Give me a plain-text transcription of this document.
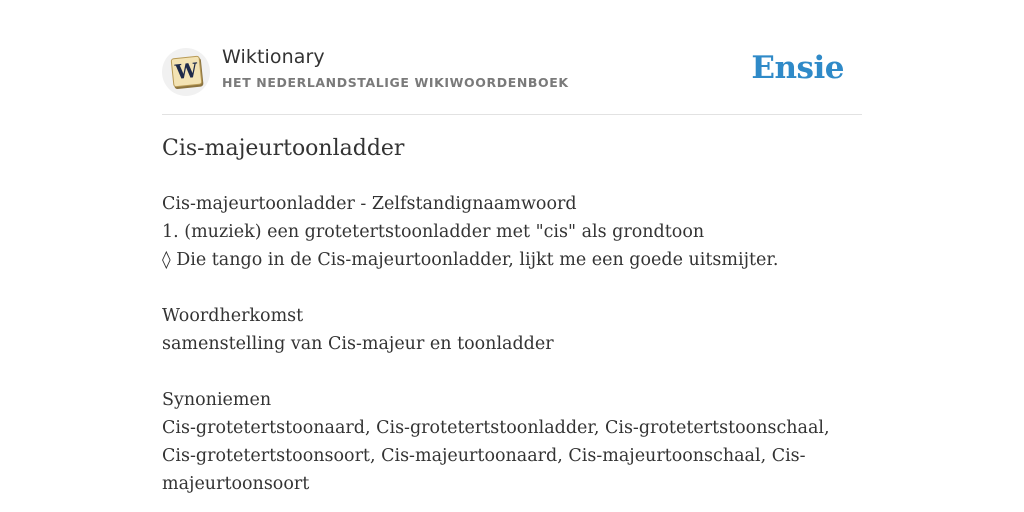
W
Wiktionary
HET NEDERLANDSTALIGE WIKIWOORDENBOEK	Ensie
Cis-majeurtoonladder
Cis-majeurtoonladder - Zelfstandignaamwoord
1. (muziek) een grotetertstoonladder met "cis" als grondtoon
◊ Die tango in de Cis-majeurtoonladder, lijkt me een goede uitsmijter.
Woordherkomst
samenstelling van Cis-majeur en toonladder
Synoniemen
Cis-grotetertstoonaard, Cis-grotetertstoonladder, Cis-grotetertstoonschaal, Cis-grotetertstoonsoort, Cis-majeurtoonaard, Cis-majeurtoonschaal, Cis-majeurtoonsoort
